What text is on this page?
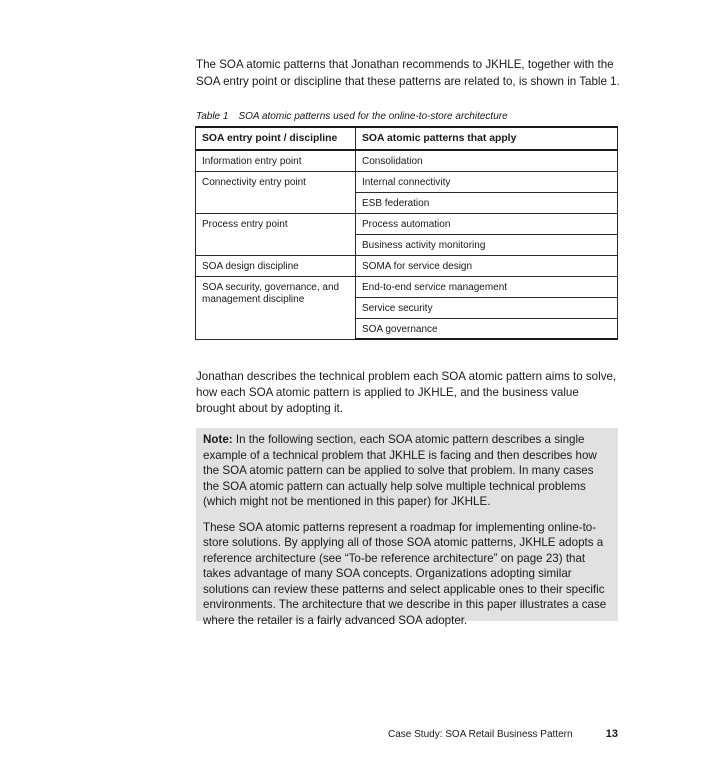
The SOA atomic patterns that Jonathan recommends to JKHLE, together with the SOA entry point or discipline that these patterns are related to, is shown in Table 1.

Table 1 SOA atomic patterns used for the online-to-store architecture

SOA entry point / discipline	SOA atomic patterns that apply
Information entry point	Consolidation
Connectivity entry point	Internal connectivity
	ESB federation
Process entry point	Process automation
	Business activity monitoring
SOA design discipline	SOMA for service design
SOA security, governance, and management discipline	End-to-end service management
	Service security
	SOA governance

Jonathan describes the technical problem each SOA atomic pattern aims to solve, how each SOA atomic pattern is applied to JKHLE, and the business value brought about by adopting it.

Note: In the following section, each SOA atomic pattern describes a single example of a technical problem that JKHLE is facing and then describes how the SOA atomic pattern can be applied to solve that problem. In many cases the SOA atomic pattern can actually help solve multiple technical problems (which might not be mentioned in this paper) for JKHLE.

These SOA atomic patterns represent a roadmap for implementing online-to-store solutions. By applying all of those SOA atomic patterns, JKHLE adopts a reference architecture (see “To-be reference architecture” on page 23) that takes advantage of many SOA concepts. Organizations adopting similar solutions can review these patterns and select applicable ones to their specific environments. The architecture that we describe in this paper illustrates a case where the retailer is a fairly advanced SOA adopter.

Case Study: SOA Retail Business Pattern	13
